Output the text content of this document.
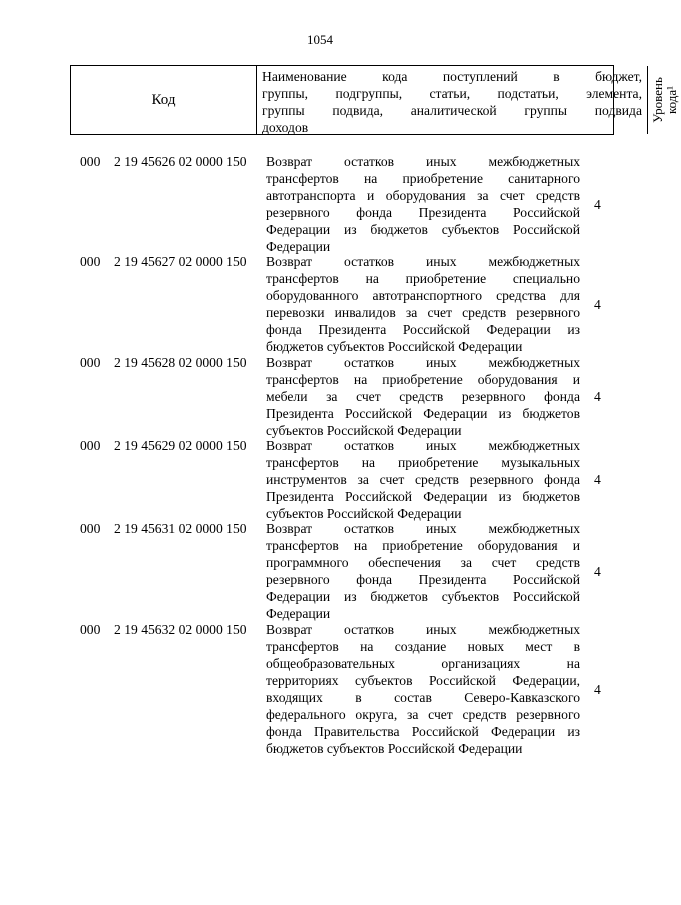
1054
Код
Наименование кода поступлений в бюджет,
группы, подгруппы, статьи, подстатьи, элемента,
группы подвида, аналитической группы подвида
доходов
Уровень
кода¹
000 2 19 45626 02 0000 150 Возврат остатков иных межбюджетных
трансфертов на приобретение санитарного
автотранспорта и оборудования за счет средств
резервного фонда Президента Российской
Федерации из бюджетов субъектов Российской
Федерации
4
000 2 19 45627 02 0000 150 Возврат остатков иных межбюджетных
трансфертов на приобретение специально
оборудованного автотранспортного средства для
перевозки инвалидов за счет средств резервного
фонда Президента Российской Федерации из
бюджетов субъектов Российской Федерации
4
000 2 19 45628 02 0000 150 Возврат остатков иных межбюджетных
трансфертов на приобретение оборудования и
мебели за счет средств резервного фонда
Президента Российской Федерации из бюджетов
субъектов Российской Федерации
4
000 2 19 45629 02 0000 150 Возврат остатков иных межбюджетных
трансфертов на приобретение музыкальных
инструментов за счет средств резервного фонда
Президента Российской Федерации из бюджетов
субъектов Российской Федерации
4
000 2 19 45631 02 0000 150 Возврат остатков иных межбюджетных
трансфертов на приобретение оборудования и
программного обеспечения за счет средств
резервного фонда Президента Российской
Федерации из бюджетов субъектов Российской
Федерации
4
000 2 19 45632 02 0000 150 Возврат остатков иных межбюджетных
трансфертов на создание новых мест в
общеобразовательных организациях на
территориях субъектов Российской Федерации,
входящих в состав Северо-Кавказского
федерального округа, за счет средств резервного
фонда Правительства Российской Федерации из
бюджетов субъектов Российской Федерации
4
